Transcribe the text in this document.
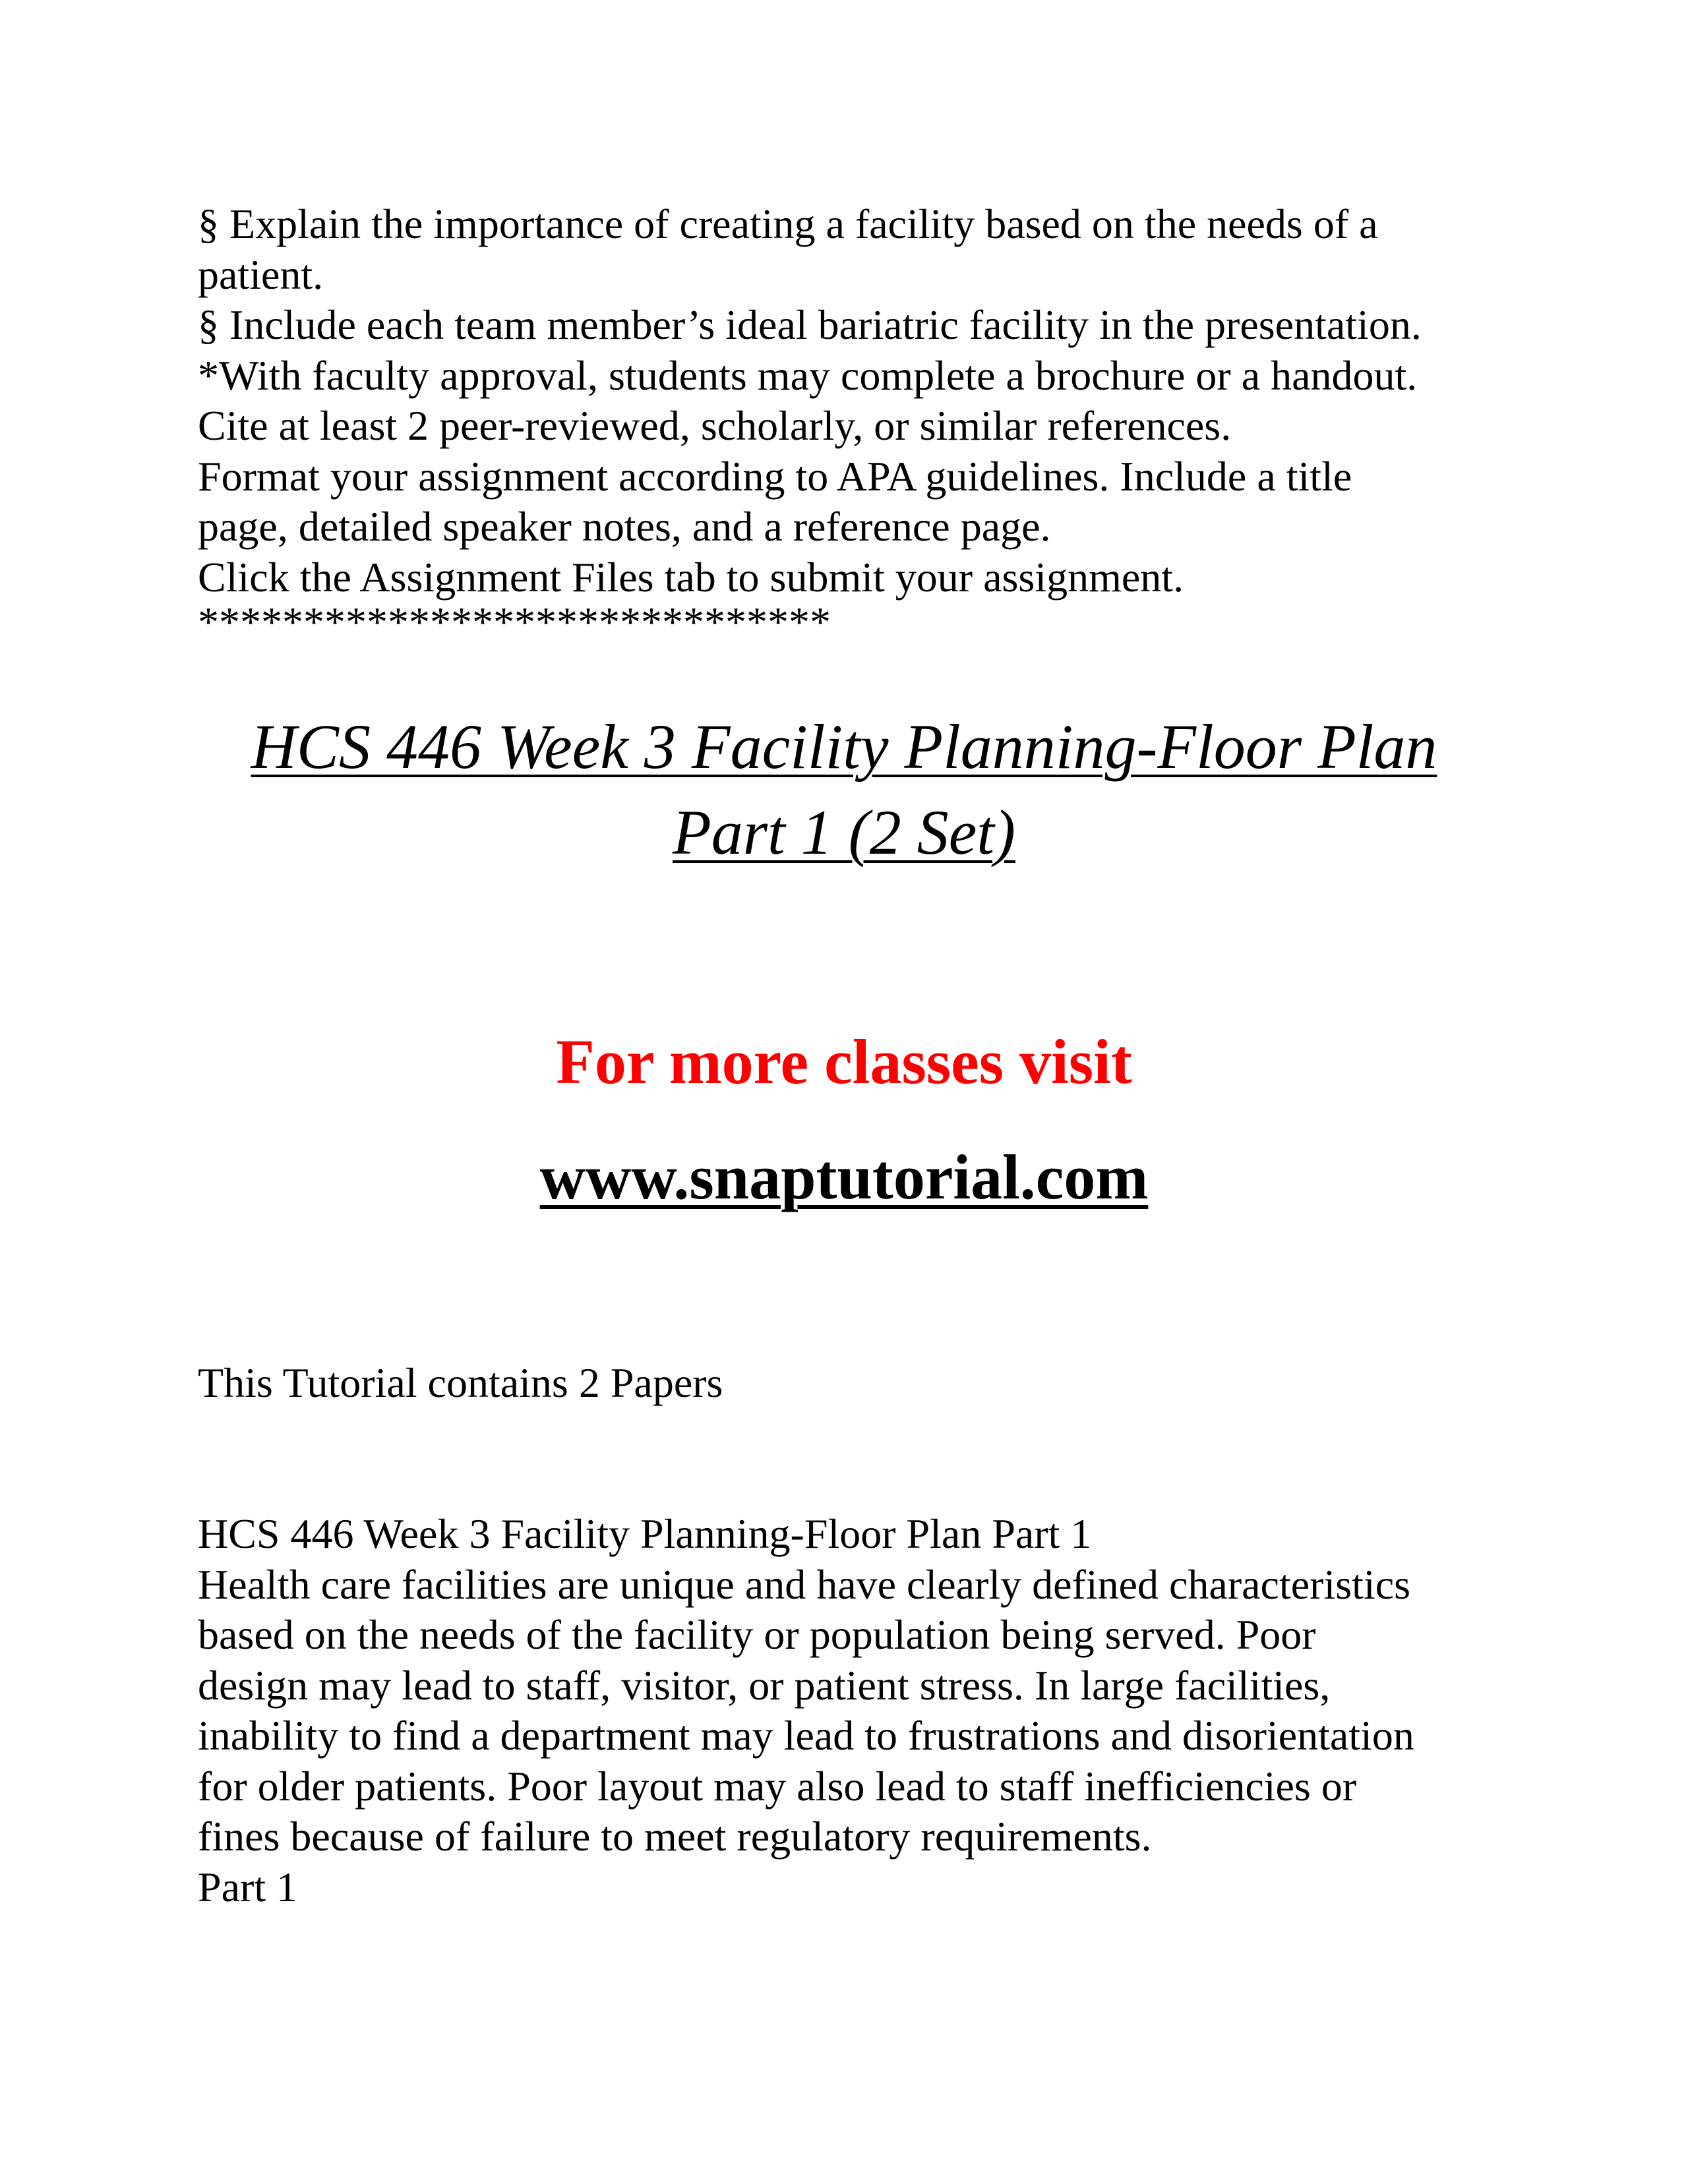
§ Explain the importance of creating a facility based on the needs of a

patient.

§ Include each team member’s ideal bariatric facility in the presentation.

*With faculty approval, students may complete a brochure or a handout.

Cite at least 2 peer-reviewed, scholarly, or similar references.

Format your assignment according to APA guidelines. Include a title

page, detailed speaker notes, and a reference page.

Click the Assignment Files tab to submit your assignment.

******************************

HCS 446 Week 3 Facility Planning-Floor Plan
Part 1 (2 Set)

For more classes visit

www.snaptutorial.com

This Tutorial contains 2 Papers

HCS 446 Week 3 Facility Planning-Floor Plan Part 1

Health care facilities are unique and have clearly defined characteristics

based on the needs of the facility or population being served. Poor

design may lead to staff, visitor, or patient stress. In large facilities,

inability to find a department may lead to frustrations and disorientation

for older patients. Poor layout may also lead to staff inefficiencies or

fines because of failure to meet regulatory requirements.

Part 1
